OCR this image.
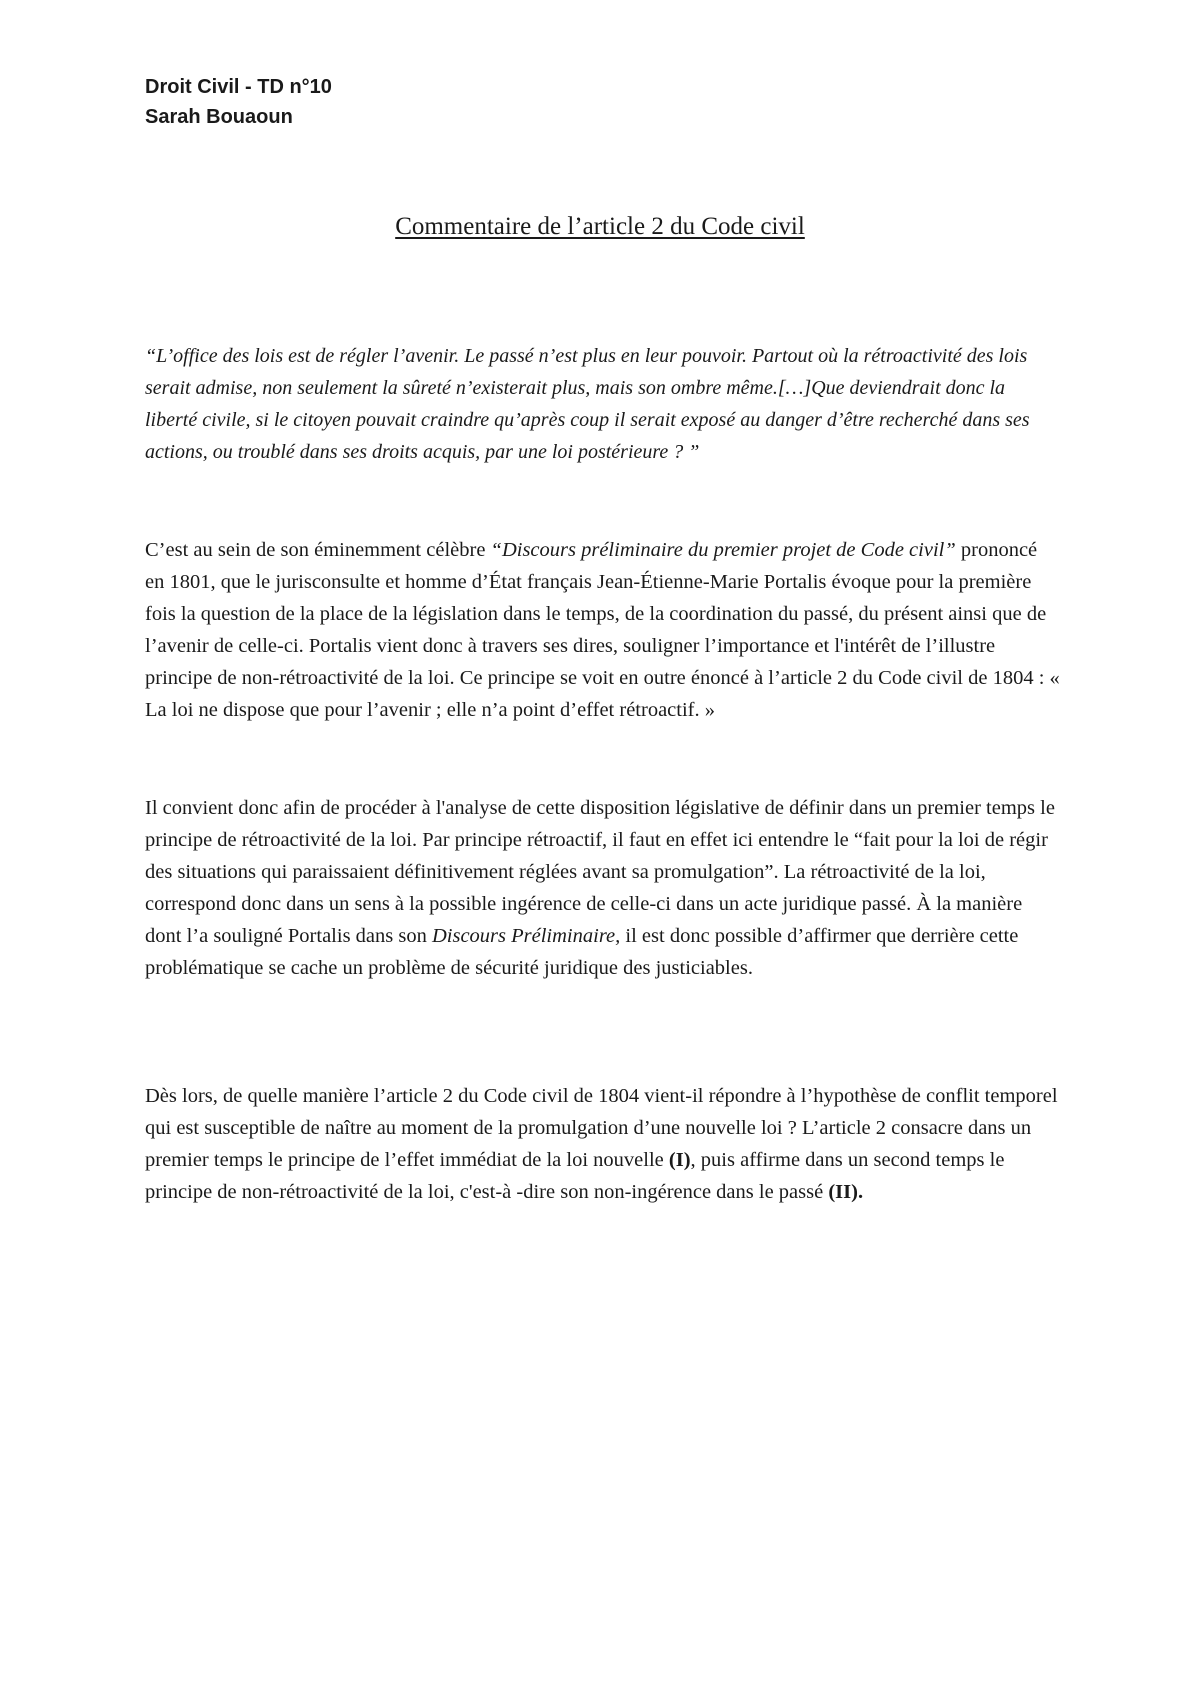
Droit Civil - TD n°10
Sarah Bouaoun
Commentaire de l’article 2 du Code civil

“L’office des lois est de régler l’avenir. Le passé n’est plus en leur pouvoir. Partout où la rétroactivité des lois serait admise, non seulement la sûreté n’existerait plus, mais son ombre même.[…]Que deviendrait donc la liberté civile, si le citoyen pouvait craindre qu’après coup il serait exposé au danger d’être recherché dans ses actions, ou troublé dans ses droits acquis, par une loi postérieure ? ”

C’est au sein de son éminemment célèbre “Discours préliminaire du premier projet de Code civil” prononcé en 1801, que le jurisconsulte et homme d’État français Jean-Étienne-Marie Portalis évoque pour la première fois la question de la place de la législation dans le temps, de la coordination du passé, du présent ainsi que de l’avenir de celle-ci. Portalis vient donc à travers ses dires, souligner l’importance et l'intérêt de l’illustre principe de non-rétroactivité de la loi. Ce principe se voit en outre énoncé à l’article 2 du Code civil de 1804 : « La loi ne dispose que pour l’avenir ; elle n’a point d’effet rétroactif. »

Il convient donc afin de procéder à l'analyse de cette disposition législative de définir dans un premier temps le principe de rétroactivité de la loi. Par principe rétroactif, il faut en effet ici entendre le “fait pour la loi de régir des situations qui paraissaient définitivement réglées avant sa promulgation”. La rétroactivité de la loi, correspond donc dans un sens à la possible ingérence de celle-ci dans un acte juridique passé. À la manière dont l’a souligné Portalis dans son Discours Préliminaire, il est donc possible d’affirmer que derrière cette problématique se cache un problème de sécurité juridique des justiciables.

Dès lors, de quelle manière l’article 2 du Code civil de 1804 vient-il répondre à l’hypothèse de conflit temporel qui est susceptible de naître au moment de la promulgation d’une nouvelle loi ? L’article 2 consacre dans un premier temps le principe de l’effet immédiat de la loi nouvelle (I), puis affirme dans un second temps le principe de non-rétroactivité de la loi, c'est-à -dire son non-ingérence dans le passé (II).
